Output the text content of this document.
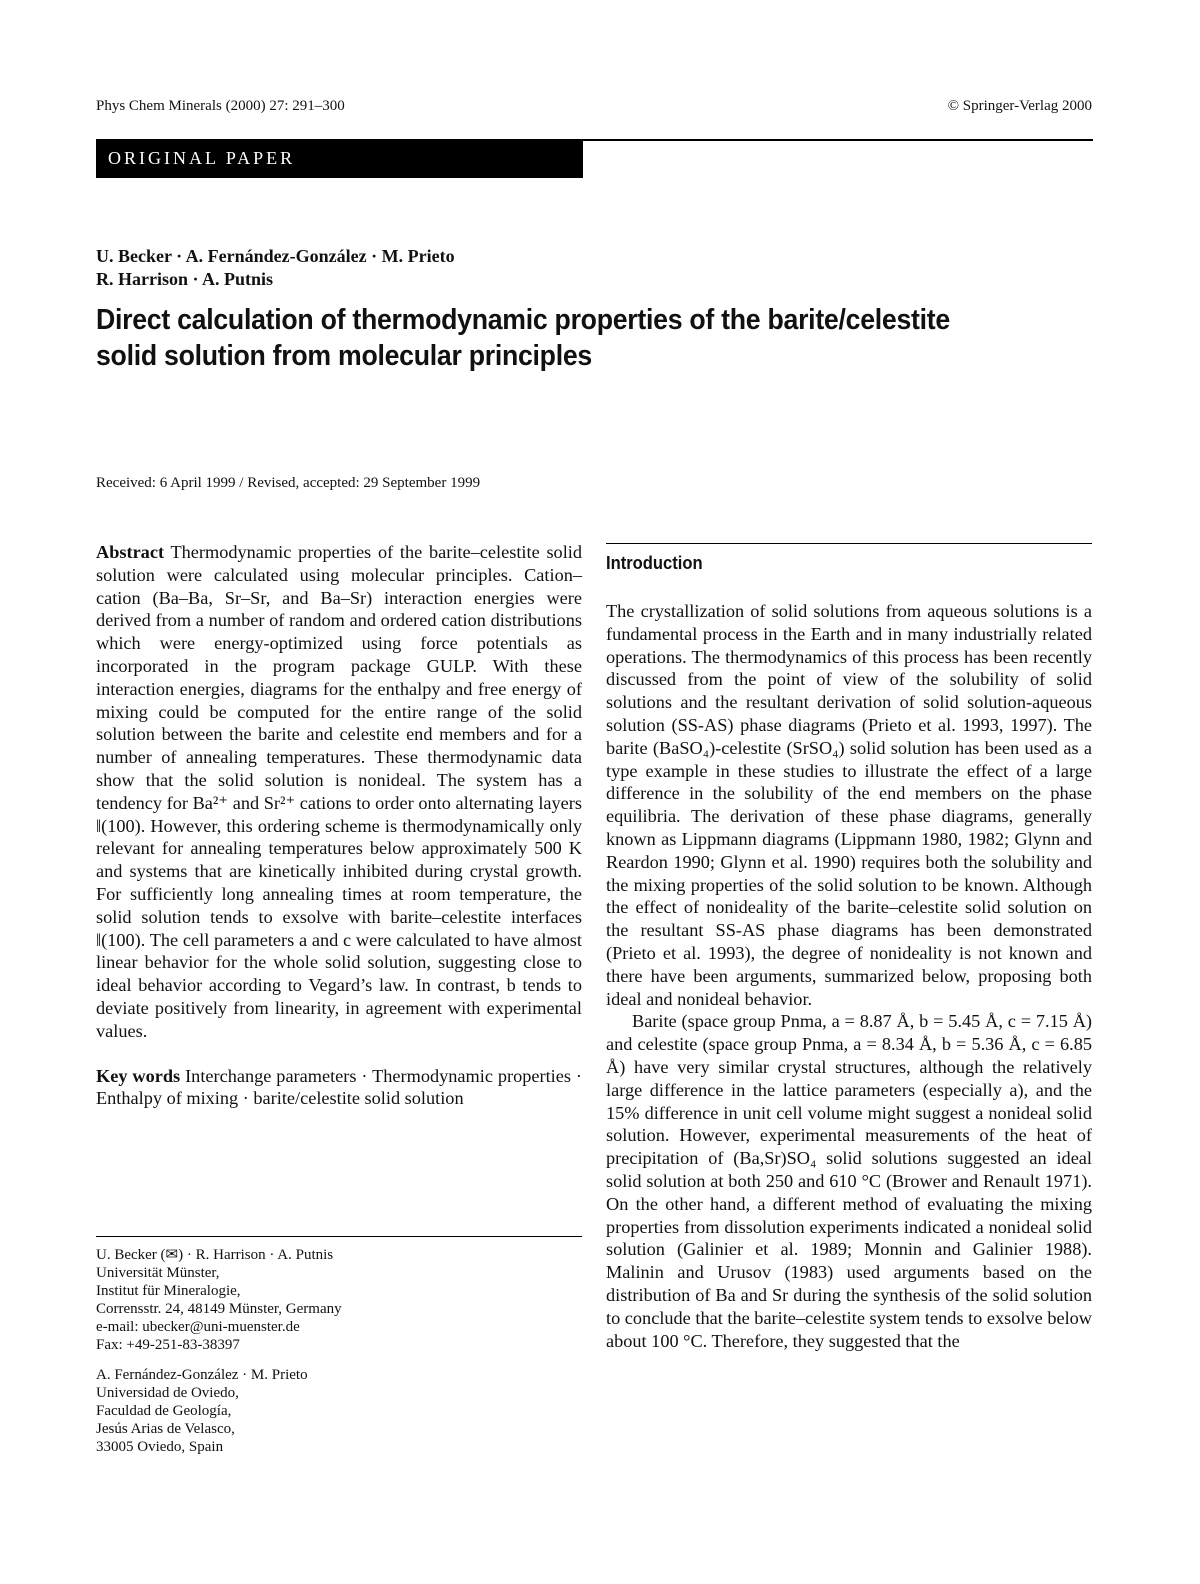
Phys Chem Minerals (2000) 27: 291–300	© Springer-Verlag 2000
ORIGINAL PAPER
U. Becker · A. Fernández-González · M. Prieto
R. Harrison · A. Putnis
Direct calculation of thermodynamic properties of the barite/celestite
solid solution from molecular principles
Received: 6 April 1999 / Revised, accepted: 29 September 1999

Abstract Thermodynamic properties of the barite–celestite solid solution were calculated using molecular principles. Cation–cation (Ba–Ba, Sr–Sr, and Ba–Sr) interaction energies were derived from a number of random and ordered cation distributions which were energy-optimized using force potentials as incorporated in the program package GULP. With these interaction energies, diagrams for the enthalpy and free energy of mixing could be computed for the entire range of the solid solution between the barite and celestite end members and for a number of annealing temperatures. These thermodynamic data show that the solid solution is nonideal. The system has a tendency for Ba²⁺ and Sr²⁺ cations to order onto alternating layers ‖(100). However, this ordering scheme is thermodynamically only relevant for annealing temperatures below approximately 500 K and systems that are kinetically inhibited during crystal growth. For sufficiently long annealing times at room temperature, the solid solution tends to exsolve with barite–celestite interfaces ‖(100). The cell parameters a and c were calculated to have almost linear behavior for the whole solid solution, suggesting close to ideal behavior according to Vegard’s law. In contrast, b tends to deviate positively from linearity, in agreement with experimental values.

Key words Interchange parameters · Thermodynamic properties · Enthalpy of mixing · barite/celestite solid solution

U. Becker (✉) · R. Harrison · A. Putnis
Universität Münster,
Institut für Mineralogie,
Corrensstr. 24, 48149 Münster, Germany
e-mail: ubecker@uni-muenster.de
Fax: +49-251-83-38397
A. Fernández-González · M. Prieto
Universidad de Oviedo,
Faculdad de Geología,
Jesús Arias de Velasco,
33005 Oviedo, Spain
Introduction

The crystallization of solid solutions from aqueous solutions is a fundamental process in the Earth and in many industrially related operations. The thermodynamics of this process has been recently discussed from the point of view of the solubility of solid solutions and the resultant derivation of solid solution-aqueous solution (SS-AS) phase diagrams (Prieto et al. 1993, 1997). The barite (BaSO₄)-celestite (SrSO₄) solid solution has been used as a type example in these studies to illustrate the effect of a large difference in the solubility of the end members on the phase equilibria. The derivation of these phase diagrams, generally known as Lippmann diagrams (Lippmann 1980, 1982; Glynn and Reardon 1990; Glynn et al. 1990) requires both the solubility and the mixing properties of the solid solution to be known. Although the effect of nonideality of the barite–celestite solid solution on the resultant SS-AS phase diagrams has been demonstrated (Prieto et al. 1993), the degree of nonideality is not known and there have been arguments, summarized below, proposing both ideal and nonideal behavior.

Barite (space group Pnma, a = 8.87 Å, b = 5.45 Å, c = 7.15 Å) and celestite (space group Pnma, a = 8.34 Å, b = 5.36 Å, c = 6.85 Å) have very similar crystal structures, although the relatively large difference in the lattice parameters (especially a), and the 15% difference in unit cell volume might suggest a nonideal solid solution. However, experimental measurements of the heat of precipitation of (Ba,Sr)SO₄ solid solutions suggested an ideal solid solution at both 250 and 610 °C (Brower and Renault 1971). On the other hand, a different method of evaluating the mixing properties from dissolution experiments indicated a nonideal solid solution (Galinier et al. 1989; Monnin and Galinier 1988). Malinin and Urusov (1983) used arguments based on the distribution of Ba and Sr during the synthesis of the solid solution to conclude that the barite–celestite system tends to exsolve below about 100 °C. Therefore, they suggested that the
